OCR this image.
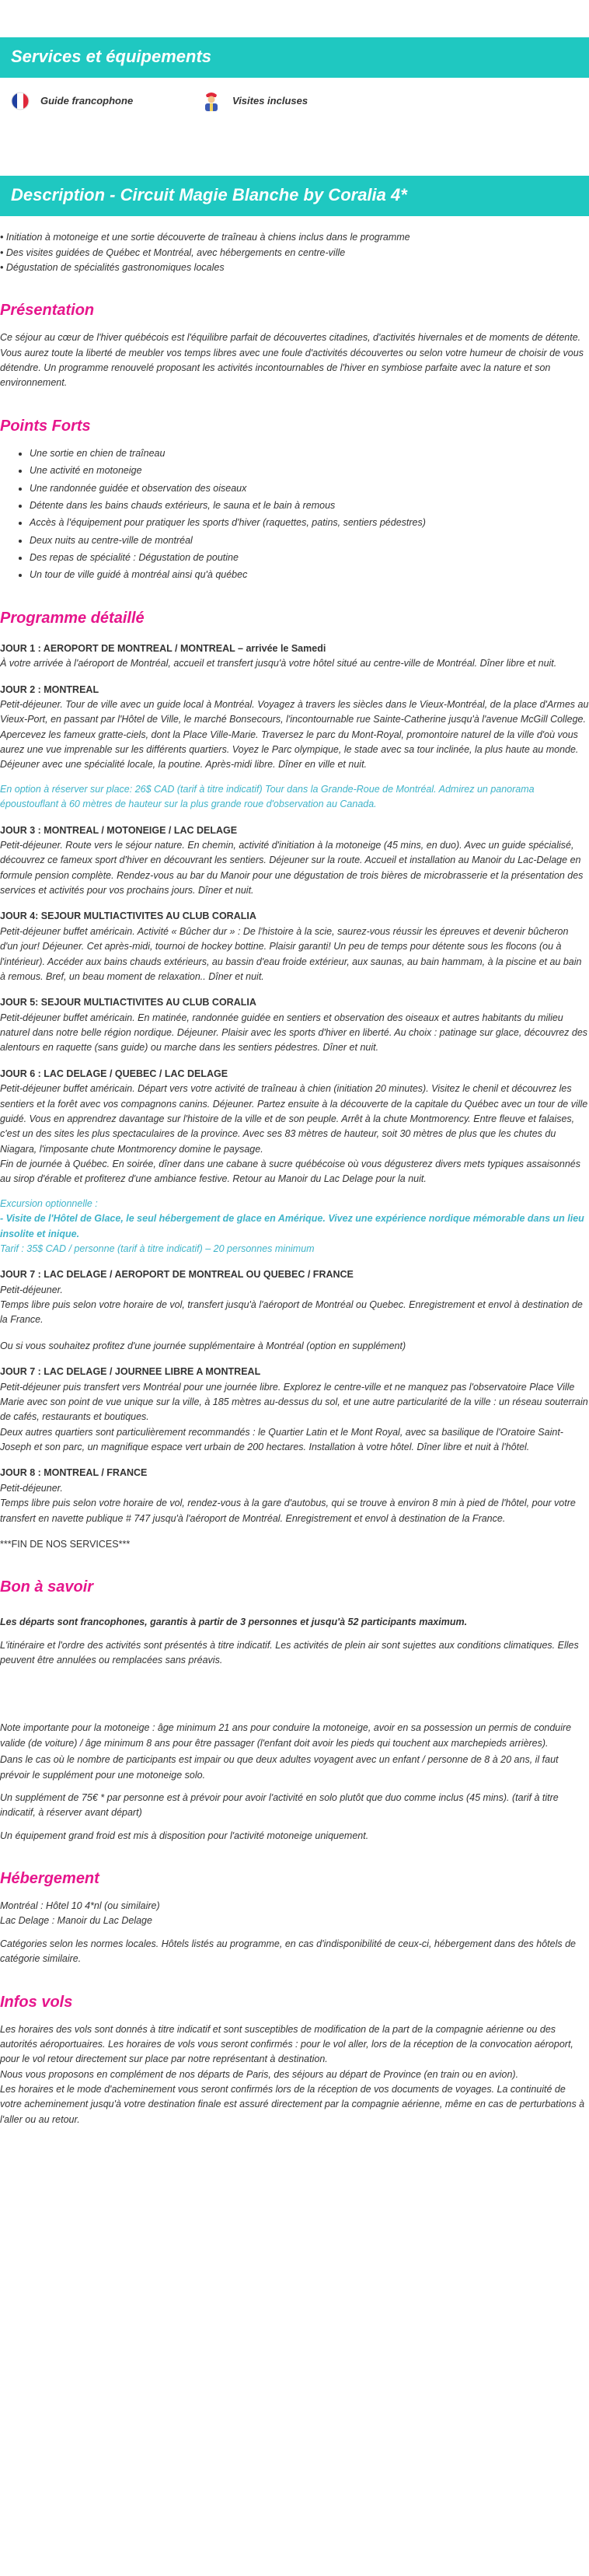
Services et équipements
Guide francophone	Visites incluses
Description - Circuit Magie Blanche by Coralia 4*
• Initiation à motoneige et une sortie découverte de traîneau à chiens inclus dans le programme
• Des visites guidées de Québec et Montréal, avec hébergements en centre-ville
• Dégustation de spécialités gastronomiques locales
Présentation

Ce séjour au cœur de l'hiver québécois est l'équilibre parfait de découvertes citadines, d'activités hivernales et de moments de détente. Vous aurez toute la liberté de meubler vos temps libres avec une foule d'activités découvertes ou selon votre humeur de choisir de vous détendre. Un programme renouvelé proposant les activités incontournables de l'hiver en symbiose parfaite avec la nature et son environnement.

Points Forts
• Une sortie en chien de traîneau
• Une activité en motoneige
• Une randonnée guidée et observation des oiseaux
• Détente dans les bains chauds extérieurs, le sauna et le bain à remous
• Accès à l'équipement pour pratiquer les sports d'hiver (raquettes, patins, sentiers pédestres)
• Deux nuits au centre-ville de montréal
• Des repas de spécialité : Dégustation de poutine
• Un tour de ville guidé à montréal ainsi qu'à québec
Programme détaillé

JOUR 1 : AEROPORT DE MONTREAL / MONTREAL – arrivée le Samedi

À votre arrivée à l'aéroport de Montréal, accueil et transfert jusqu'à votre hôtel situé au centre-ville de Montréal. Dîner libre et nuit.

JOUR 2 : MONTREAL

Petit-déjeuner. Tour de ville avec un guide local à Montréal. Voyagez à travers les siècles dans le Vieux-Montréal, de la place d'Armes au Vieux-Port, en passant par l'Hôtel de Ville, le marché Bonsecours, l'incontournable rue Sainte-Catherine jusqu'à l'avenue McGill College. Apercevez les fameux gratte-ciels, dont la Place Ville-Marie. Traversez le parc du Mont-Royal, promontoire naturel de la ville d'où vous aurez une vue imprenable sur les différents quartiers. Voyez le Parc olympique, le stade avec sa tour inclinée, la plus haute au monde. Déjeuner avec une spécialité locale, la poutine. Après-midi libre. Dîner en ville et nuit.

En option à réserver sur place: 26$ CAD (tarif à titre indicatif) Tour dans la Grande-Roue de Montréal. Admirez un panorama époustouflant à 60 mètres de hauteur sur la plus grande roue d'observation au Canada.

JOUR 3 : MONTREAL / MOTONEIGE / LAC DELAGE

Petit-déjeuner. Route vers le séjour nature. En chemin, activité d'initiation à la motoneige (45 mins, en duo). Avec un guide spécialisé, découvrez ce fameux sport d'hiver en découvrant les sentiers. Déjeuner sur la route. Accueil et installation au Manoir du Lac-Delage en formule pension complète. Rendez-vous au bar du Manoir pour une dégustation de trois bières de microbrasserie et la présentation des services et activités pour vos prochains jours. Dîner et nuit.

JOUR 4: SEJOUR MULTIACTIVITES AU CLUB CORALIA

Petit-déjeuner buffet américain. Activité « Bûcher dur » : De l'histoire à la scie, saurez-vous réussir les épreuves et devenir bûcheron d'un jour! Déjeuner. Cet après-midi, tournoi de hockey bottine. Plaisir garanti! Un peu de temps pour détente sous les flocons (ou à l'intérieur). Accéder aux bains chauds extérieurs, au bassin d'eau froide extérieur, aux saunas, au bain hammam, à la piscine et au bain à remous. Bref, un beau moment de relaxation.. Dîner et nuit.

JOUR 5: SEJOUR MULTIACTIVITES AU CLUB CORALIA

Petit-déjeuner buffet américain. En matinée, randonnée guidée en sentiers et observation des oiseaux et autres habitants du milieu naturel dans notre belle région nordique. Déjeuner. Plaisir avec les sports d'hiver en liberté. Au choix : patinage sur glace, découvrez des alentours en raquette (sans guide) ou marche dans les sentiers pédestres. Dîner et nuit.

JOUR 6 : LAC DELAGE / QUEBEC / LAC DELAGE

Petit-déjeuner buffet américain. Départ vers votre activité de traîneau à chien (initiation 20 minutes). Visitez le chenil et découvrez les sentiers et la forêt avec vos compagnons canins. Déjeuner. Partez ensuite à la découverte de la capitale du Québec avec un tour de ville guidé. Vous en apprendrez davantage sur l'histoire de la ville et de son peuple. Arrêt à la chute Montmorency. Entre fleuve et falaises, c'est un des sites les plus spectaculaires de la province. Avec ses 83 mètres de hauteur, soit 30 mètres de plus que les chutes du Niagara, l'imposante chute Montmorency domine le paysage.

Fin de journée à Québec. En soirée, dîner dans une cabane à sucre québécoise où vous dégusterez divers mets typiques assaisonnés au sirop d'érable et profiterez d'une ambiance festive. Retour au Manoir du Lac Delage pour la nuit.

Excursion optionnelle :
- Visite de l'Hôtel de Glace, le seul hébergement de glace en Amérique. Vivez une expérience nordique mémorable dans un lieu insolite et inique.
Tarif : 35$ CAD / personne (tarif à titre indicatif) – 20 personnes minimum

JOUR 7 : LAC DELAGE / AEROPORT DE MONTREAL OU QUEBEC / FRANCE

Petit-déjeuner.

Temps libre puis selon votre horaire de vol, transfert jusqu'à l'aéroport de Montréal ou Quebec. Enregistrement et envol à destination de la France.

Ou si vous souhaitez profitez d'une journée supplémentaire à Montréal (option en supplément)

JOUR 7 : LAC DELAGE / JOURNEE LIBRE A MONTREAL

Petit-déjeuner puis transfert vers Montréal pour une journée libre. Explorez le centre-ville et ne manquez pas l'observatoire Place Ville Marie avec son point de vue unique sur la ville, à 185 mètres au-dessus du sol, et une autre particularité de la ville : un réseau souterrain de cafés, restaurants et boutiques.

Deux autres quartiers sont particulièrement recommandés : le Quartier Latin et le Mont Royal, avec sa basilique de l'Oratoire Saint-Joseph et son parc, un magnifique espace vert urbain de 200 hectares. Installation à votre hôtel. Dîner libre et nuit à l'hôtel.

JOUR 8 : MONTREAL / FRANCE

Petit-déjeuner.

Temps libre puis selon votre horaire de vol, rendez-vous à la gare d'autobus, qui se trouve à environ 8 min à pied de l'hôtel, pour votre transfert en navette publique # 747 jusqu'à l'aéroport de Montréal. Enregistrement et envol à destination de la France.

***FIN DE NOS SERVICES***

Bon à savoir

Les départs sont francophones, garantis à partir de 3 personnes et jusqu'à 52 participants maximum.

L'itinéraire et l'ordre des activités sont présentés à titre indicatif. Les activités de plein air sont sujettes aux conditions climatiques. Elles peuvent être annulées ou remplacées sans préavis.

Note importante pour la motoneige : âge minimum 21 ans pour conduire la motoneige, avoir en sa possession un permis de conduire valide (de voiture) / âge minimum 8 ans pour être passager (l'enfant doit avoir les pieds qui touchent aux marchepieds arrières).

Dans le cas où le nombre de participants est impair ou que deux adultes voyagent avec un enfant / personne de 8 à 20 ans, il faut prévoir le supplément pour une motoneige solo.

Un supplément de 75€ * par personne est à prévoir pour avoir l'activité en solo plutôt que duo comme inclus (45 mins). (tarif à titre indicatif, à réserver avant départ)

Un équipement grand froid est mis à disposition pour l'activité motoneige uniquement.

Hébergement

Montréal : Hôtel 10 4*nl (ou similaire)

Lac Delage : Manoir du Lac Delage

Catégories selon les normes locales. Hôtels listés au programme, en cas d'indisponibilité de ceux-ci, hébergement dans des hôtels de catégorie similaire.

Infos vols

Les horaires des vols sont donnés à titre indicatif et sont susceptibles de modification de la part de la compagnie aérienne ou des autorités aéroportuaires. Les horaires de vols vous seront confirmés : pour le vol aller, lors de la réception de la convocation aéroport, pour le vol retour directement sur place par notre représentant à destination.

Nous vous proposons en complément de nos départs de Paris, des séjours au départ de Province (en train ou en avion).

Les horaires et le mode d'acheminement vous seront confirmés lors de la réception de vos documents de voyages. La continuité de votre acheminement jusqu'à votre destination finale est assuré directement par la compagnie aérienne, même en cas de perturbations à l'aller ou au retour.
